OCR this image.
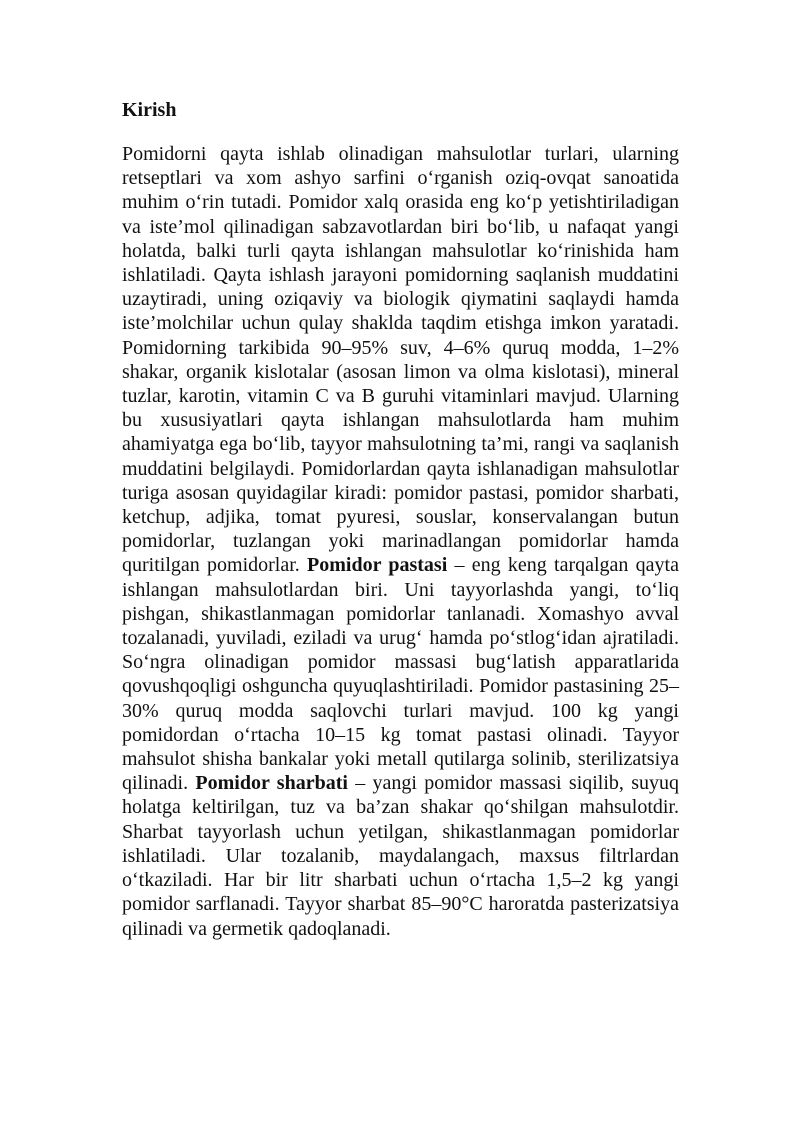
Kirish

Pomidorni qayta ishlab olinadigan mahsulotlar turlari, ularning retseptlari va xom ashyo sarfini o‘rganish oziq-ovqat sanoatida muhim o‘rin tutadi. Pomidor xalq orasida eng ko‘p yetishtiriladigan va iste’mol qilinadigan sabzavotlardan biri bo‘lib, u nafaqat yangi holatda, balki turli qayta ishlangan mahsulotlar ko‘rinishida ham ishlatiladi. Qayta ishlash jarayoni pomidorning saqlanish muddatini uzaytiradi, uning oziqaviy va biologik qiymatini saqlaydi hamda iste’molchilar uchun qulay shaklda taqdim etishga imkon yaratadi. Pomidorning tarkibida 90–95% suv, 4–6% quruq modda, 1–2% shakar, organik kislotalar (asosan limon va olma kislotasi), mineral tuzlar, karotin, vitamin C va B guruhi vitaminlari mavjud. Ularning bu xususiyatlari qayta ishlangan mahsulotlarda ham muhim ahamiyatga ega bo‘lib, tayyor mahsulotning ta’mi, rangi va saqlanish muddatini belgilaydi. Pomidorlardan qayta ishlanadigan mahsulotlar turiga asosan quyidagilar kiradi: pomidor pastasi, pomidor sharbati, ketchup, adjika, tomat pyuresi, souslar, konservalangan butun pomidorlar, tuzlangan yoki marinadlangan pomidorlar hamda quritilgan pomidorlar. Pomidor pastasi – eng keng tarqalgan qayta ishlangan mahsulotlardan biri. Uni tayyorlashda yangi, to‘liq pishgan, shikastlanmagan pomidorlar tanlanadi. Xomashyo avval tozalanadi, yuviladi, eziladi va urug‘ hamda po‘stlog‘idan ajratiladi. So‘ngra olinadigan pomidor massasi bug‘latish apparatlarida qovushqoqligi oshguncha quyuqlashtiriladi. Pomidor pastasining 25–30% quruq modda saqlovchi turlari mavjud. 100 kg yangi pomidordan o‘rtacha 10–15 kg tomat pastasi olinadi. Tayyor mahsulot shisha bankalar yoki metall qutilarga solinib, sterilizatsiya qilinadi. Pomidor sharbati – yangi pomidor massasi siqilib, suyuq holatga keltirilgan, tuz va ba’zan shakar qo‘shilgan mahsulotdir. Sharbat tayyorlash uchun yetilgan, shikastlanmagan pomidorlar ishlatiladi. Ular tozalanib, maydalangach, maxsus filtrlardan o‘tkaziladi. Har bir litr sharbati uchun o‘rtacha 1,5–2 kg yangi pomidor sarflanadi. Tayyor sharbat 85–90°C haroratda pasterizatsiya qilinadi va germetik qadoqlanadi.
